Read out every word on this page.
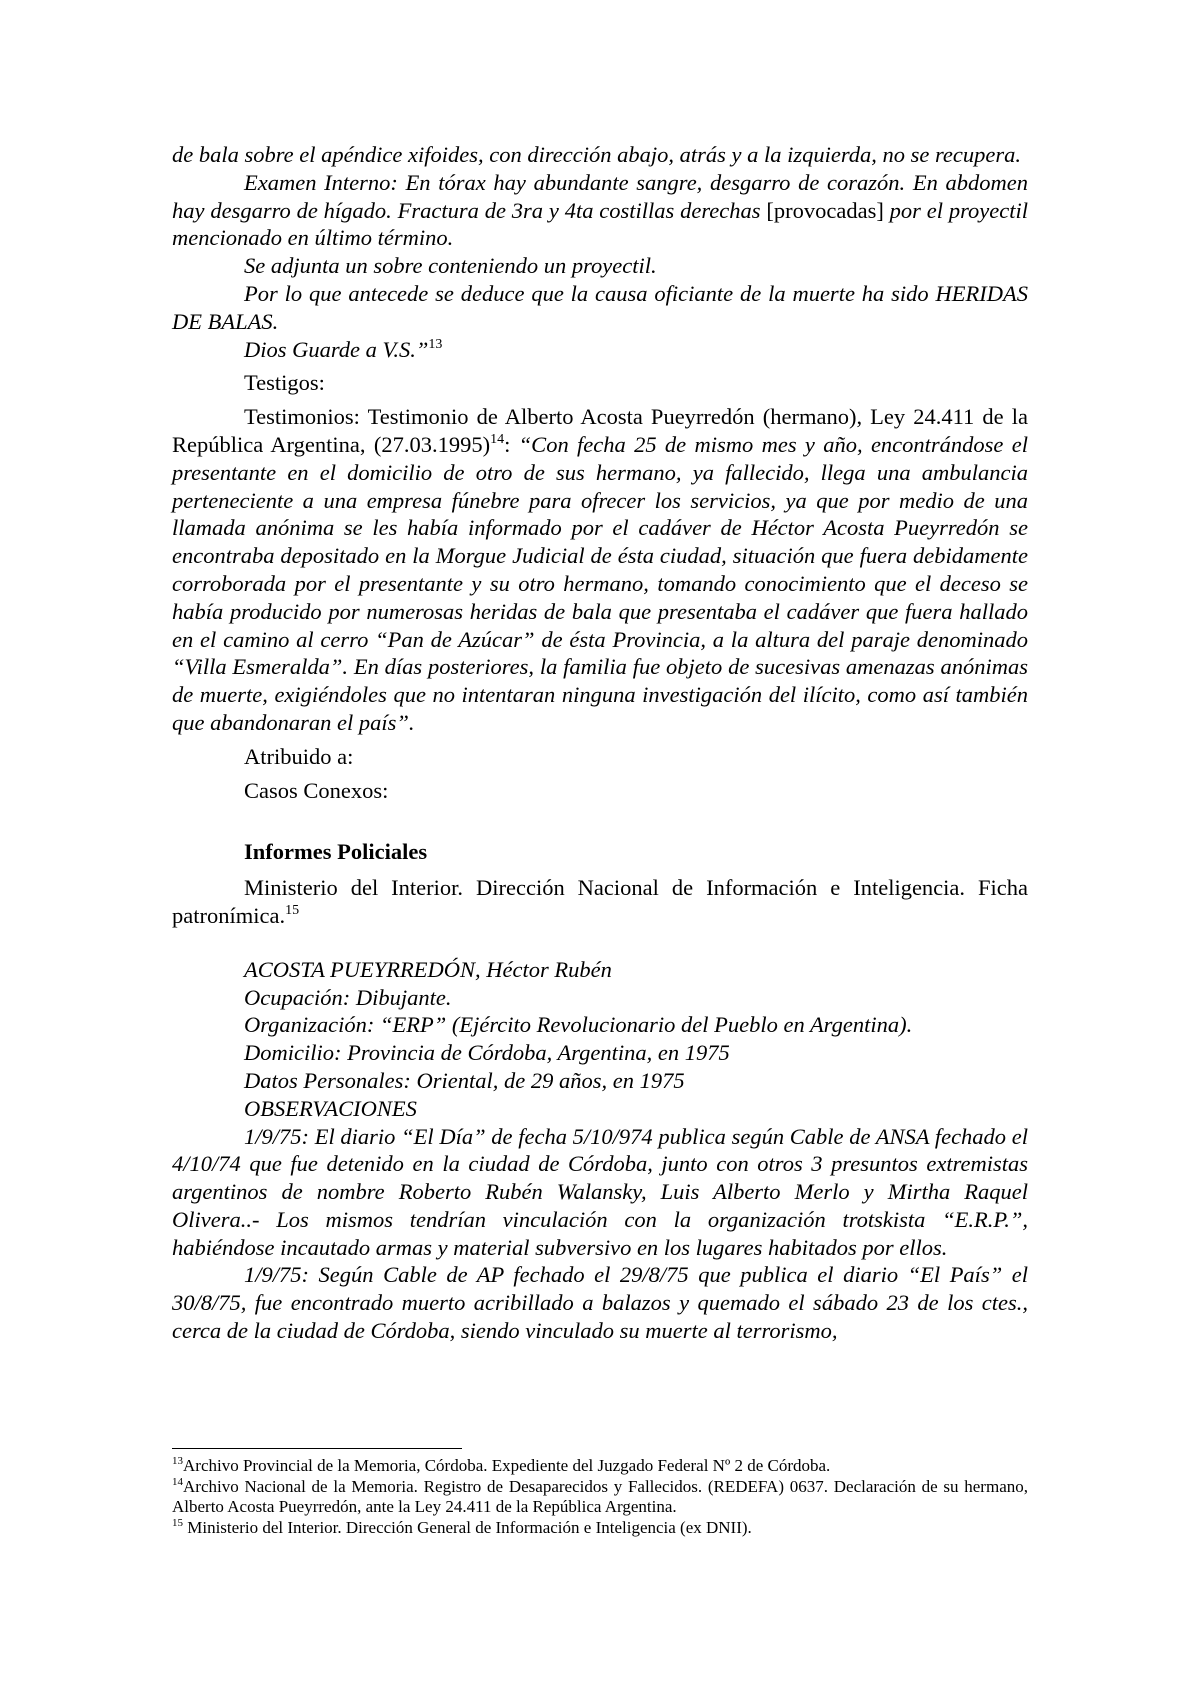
de bala sobre el apéndice xifoides, con dirección abajo, atrás y a la izquierda, no se recupera.

Examen Interno: En tórax hay abundante sangre, desgarro de corazón. En abdomen hay desgarro de hígado. Fractura de 3ra y 4ta costillas derechas [provocadas] por el proyectil mencionado en último término.

Se adjunta un sobre conteniendo un proyectil.

Por lo que antecede se deduce que la causa oficiante de la muerte ha sido HERIDAS DE BALAS.

Dios Guarde a V.S.”$^{13}$

Testigos:

Testimonios: Testimonio de Alberto Acosta Pueyrredón (hermano), Ley 24.411 de la República Argentina, $(27.03.1995)^{14}$: “Con fecha 25 de mismo mes y año, encontrándose el presentante en el domicilio de otro de sus hermano, ya fallecido, llega una ambulancia perteneciente a una empresa fúnebre para ofrecer los servicios, ya que por medio de una llamada anónima se les había informado por el cadáver de Héctor Acosta Pueyrredón se encontraba depositado en la Morgue Judicial de ésta ciudad, situación que fuera debidamente corroborada por el presentante y su otro hermano, tomando conocimiento que el deceso se había producido por numerosas heridas de bala que presentaba el cadáver que fuera hallado en el camino al cerro “Pan de Azúcar” de ésta Provincia, a la altura del paraje denominado “Villa Esmeralda”. En días posteriores, la familia fue objeto de sucesivas amenazas anónimas de muerte, exigiéndoles que no intentaran ninguna investigación del ilícito, como así también que abandonaran el país”.

Atribuido a:

Casos Conexos:

Informes Policiales

Ministerio del Interior. Dirección Nacional de Información e Inteligencia. Ficha patronímica.$^{15}$

ACOSTA PUEYRREDÓN, Héctor Rubén

Ocupación: Dibujante.

Organización: “ERP” (Ejército Revolucionario del Pueblo en Argentina).

Domicilio: Provincia de Córdoba, Argentina, en 1975

Datos Personales: Oriental, de 29 años, en 1975

OBSERVACIONES

1/9/75: El diario “El Día” de fecha 5/10/974 publica según Cable de ANSA fechado el 4/10/74 que fue detenido en la ciudad de Córdoba, junto con otros 3 presuntos extremistas argentinos de nombre Roberto Rubén Walansky, Luis Alberto Merlo y Mirtha Raquel Olivera..- Los mismos tendrían vinculación con la organización trotskista “E.R.P.”, habiéndose incautado armas y material subversivo en los lugares habitados por ellos.

1/9/75: Según Cable de AP fechado el 29/8/75 que publica el diario “El País” el 30/8/75, fue encontrado muerto acribillado a balazos y quemado el sábado 23 de los ctes., cerca de la ciudad de Córdoba, siendo vinculado su muerte al terrorismo,

$^{13}$Archivo Provincial de la Memoria, Córdoba. Expediente del Juzgado Federal Nº 2 de Córdoba.

$^{14}$Archivo Nacional de la Memoria. Registro de Desaparecidos y Fallecidos. (REDEFA) 0637. Declaración de su hermano, Alberto Acosta Pueyrredón, ante la Ley 24.411 de la República Argentina.

$^{15}$ Ministerio del Interior. Dirección General de Información e Inteligencia (ex DNII).
